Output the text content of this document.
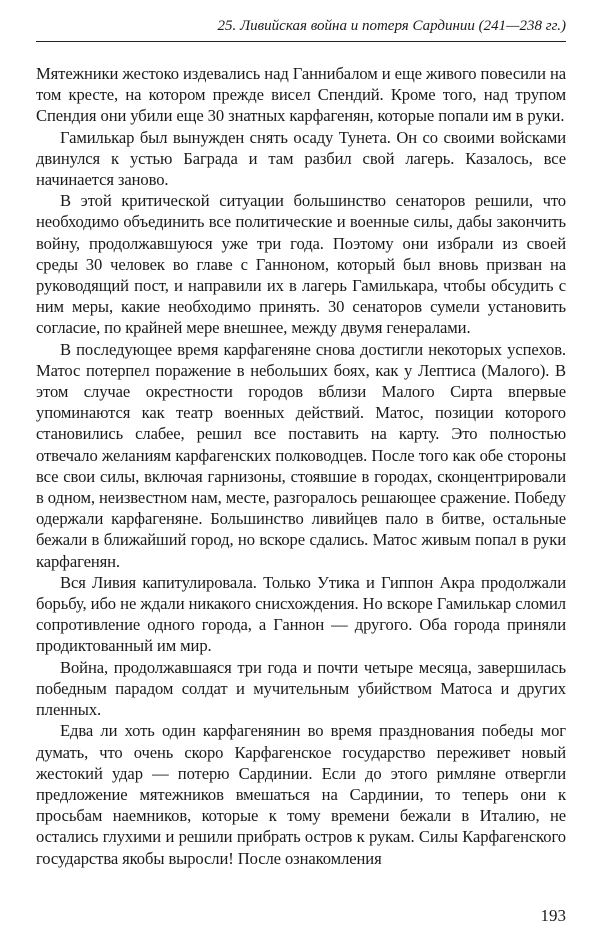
25. Ливийская война и потеря Сардинии (241—238 гг.)

Мятежники жестоко издевались над Ганнибалом и еще живого повесили на том кресте, на котором прежде висел Спендий. Кроме того, над трупом Спендия они убили еще 30 знатных карфагенян, которые попали им в руки.

Гамилькар был вынужден снять осаду Тунета. Он со своими войсками двинулся к устью Баграда и там разбил свой лагерь. Казалось, все начинается заново.

В этой критической ситуации большинство сенаторов решили, что необходимо объединить все политические и военные силы, дабы закончить войну, продолжавшуюся уже три года. Поэтому они избрали из своей среды 30 человек во главе с Ганноном, который был вновь призван на руководящий пост, и направили их в лагерь Гамилькара, чтобы обсудить с ним меры, какие необходимо принять. 30 сенаторов сумели установить согласие, по крайней мере внешнее, между двумя генералами.

В последующее время карфагеняне снова достигли некоторых успехов. Матос потерпел поражение в небольших боях, как у Лептиса (Малого). В этом случае окрестности городов вблизи Малого Сирта впервые упоминаются как театр военных действий. Матос, позиции которого становились слабее, решил все поставить на карту. Это полностью отвечало желаниям карфагенских полководцев. После того как обе стороны все свои силы, включая гарнизоны, стоявшие в городах, сконцентрировали в одном, неизвестном нам, месте, разгоралось решающее сражение. Победу одержали карфагеняне. Большинство ливийцев пало в битве, остальные бежали в ближайший город, но вскоре сдались. Матос живым попал в руки карфагенян.

Вся Ливия капитулировала. Только Утика и Гиппон Акра продолжали борьбу, ибо не ждали никакого снисхождения. Но вскоре Гамилькар сломил сопротивление одного города, а Ганнон — другого. Оба города приняли продиктованный им мир.

Война, продолжавшаяся три года и почти четыре месяца, завершилась победным парадом солдат и мучительным убийством Матоса и других пленных.

Едва ли хоть один карфагенянин во время празднования победы мог думать, что очень скоро Карфагенское государство переживет новый жестокий удар — потерю Сардинии. Если до этого римляне отвергли предложение мятежников вмешаться на Сардинии, то теперь они к просьбам наемников, которые к тому времени бежали в Италию, не остались глухими и решили прибрать остров к рукам. Силы Карфагенского государства якобы выросли! После ознакомления

193
